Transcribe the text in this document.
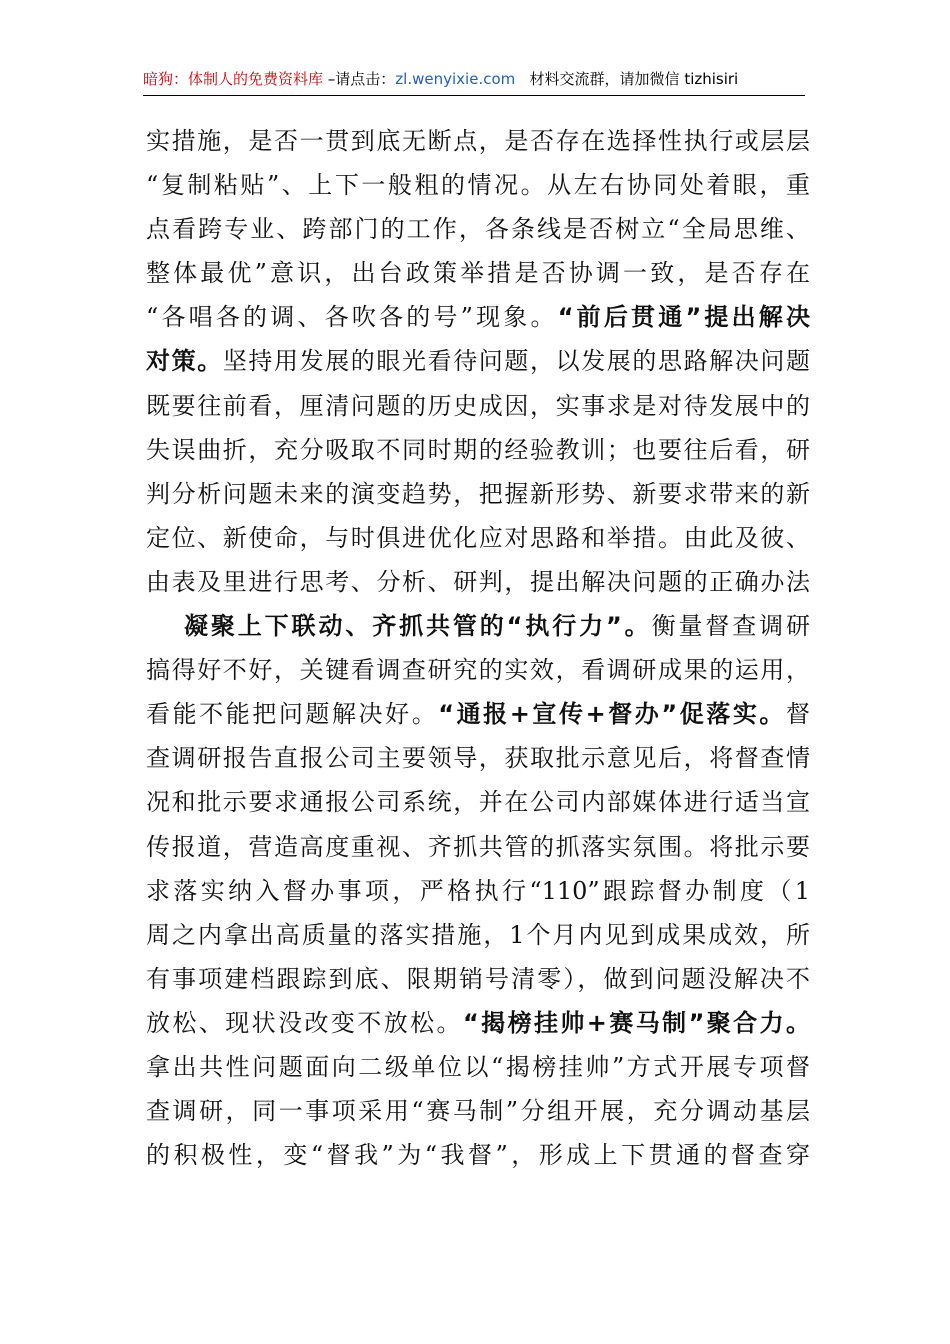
暗狗：体制人的免费资料库 –请点击：zl.wenyixie.com 材料交流群，请加微信 tizhisiri
实措施，是否一贯到底无断点，是否存在选择性执行或层层
“复制粘贴”、上下一般粗的情况。从左右协同处着眼，重
点看跨专业、跨部门的工作，各条线是否树立“全局思维、
整体最优”意识，出台政策举措是否协调一致，是否存在
“各唱各的调、各吹各的号”现象。“前后贯通”提出解决
对策。坚持用发展的眼光看待问题，以发展的思路解决问题
既要往前看，厘清问题的历史成因，实事求是对待发展中的
失误曲折，充分吸取不同时期的经验教训；也要往后看，研
判分析问题未来的演变趋势，把握新形势、新要求带来的新
定位、新使命，与时俱进优化应对思路和举措。由此及彼、
由表及里进行思考、分析、研判，提出解决问题的正确办法
凝聚上下联动、齐抓共管的“执行力”。衡量督查调研
搞得好不好，关键看调查研究的实效，看调研成果的运用，
看能不能把问题解决好。“通报+宣传+督办”促落实。督
查调研报告直报公司主要领导，获取批示意见后，将督查情
况和批示要求通报公司系统，并在公司内部媒体进行适当宣
传报道，营造高度重视、齐抓共管的抓落实氛围。将批示要
求落实纳入督办事项，严格执行“110”跟踪督办制度（1
周之内拿出高质量的落实措施，1个月内见到成果成效，所
有事项建档跟踪到底、限期销号清零），做到问题没解决不
放松、现状没改变不放松。“揭榜挂帅+赛马制”聚合力。
拿出共性问题面向二级单位以“揭榜挂帅”方式开展专项督
查调研，同一事项采用“赛马制”分组开展，充分调动基层
的积极性，变“督我”为“我督”，形成上下贯通的督查穿
